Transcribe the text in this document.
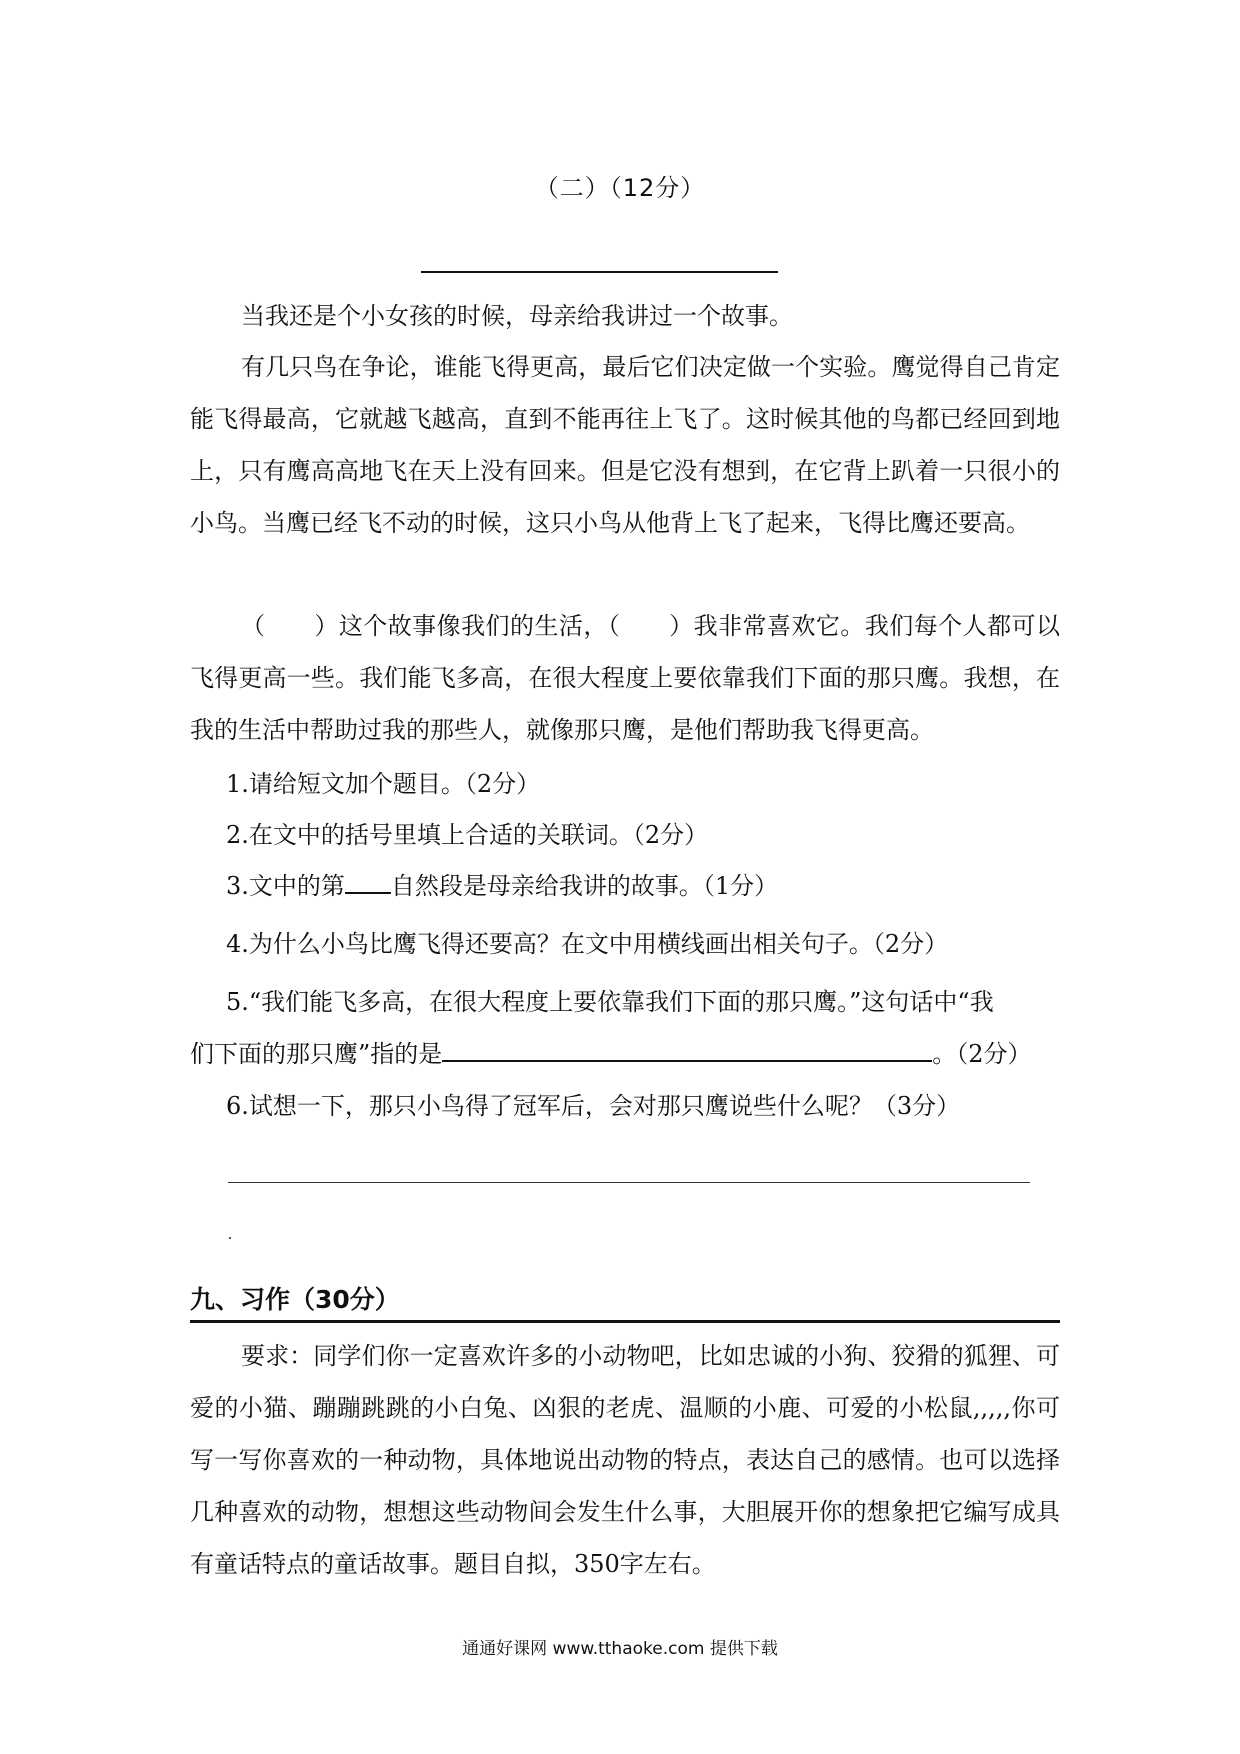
（二）（12分）

当我还是个小女孩的时候，母亲给我讲过一个故事。

有几只鸟在争论，谁能飞得更高，最后它们决定做一个实验。鹰觉得自己肯定能飞得最高，它就越飞越高，直到不能再往上飞了。这时候其他的鸟都已经回到地上，只有鹰高高地飞在天上没有回来。但是它没有想到，在它背上趴着一只很小的小鸟。当鹰已经飞不动的时候，这只小鸟从他背上飞了起来，飞得比鹰还要高。

（　　）这个故事像我们的生活，（　　）我非常喜欢它。我们每个人都可以飞得更高一些。我们能飞多高，在很大程度上要依靠我们下面的那只鹰。我想，在我的生活中帮助过我的那些人，就像那只鹰，是他们帮助我飞得更高。

1.请给短文加个题目。（2分）
2.在文中的括号里填上合适的关联词。（2分）
3.文中的第 自然段是母亲给我讲的故事。（1分）
4.为什么小鸟比鹰飞得还要高？在文中用横线画出相关句子。（2分）
5.“我们能飞多高，在很大程度上要依靠我们下面的那只鹰。”这句话中“我
们下面的那只鹰”指的是	。（2分）
6.试想一下，那只小鸟得了冠军后，会对那只鹰说些什么呢？（3分）
九、习作（30分）

要求：同学们你一定喜欢许多的小动物吧，比如忠诚的小狗、狡猾的狐狸、可爱的小猫、蹦蹦跳跳的小白兔、凶狠的老虎、温顺的小鹿、可爱的小松鼠,,,,,你可写一写你喜欢的一种动物，具体地说出动物的特点，表达自己的感情。也可以选择几种喜欢的动物，想想这些动物间会发生什么事，大胆展开你的想象把它编写成具有童话特点的童话故事。题目自拟，350字左右。

通通好课网 www.tthaoke.com 提供下载
